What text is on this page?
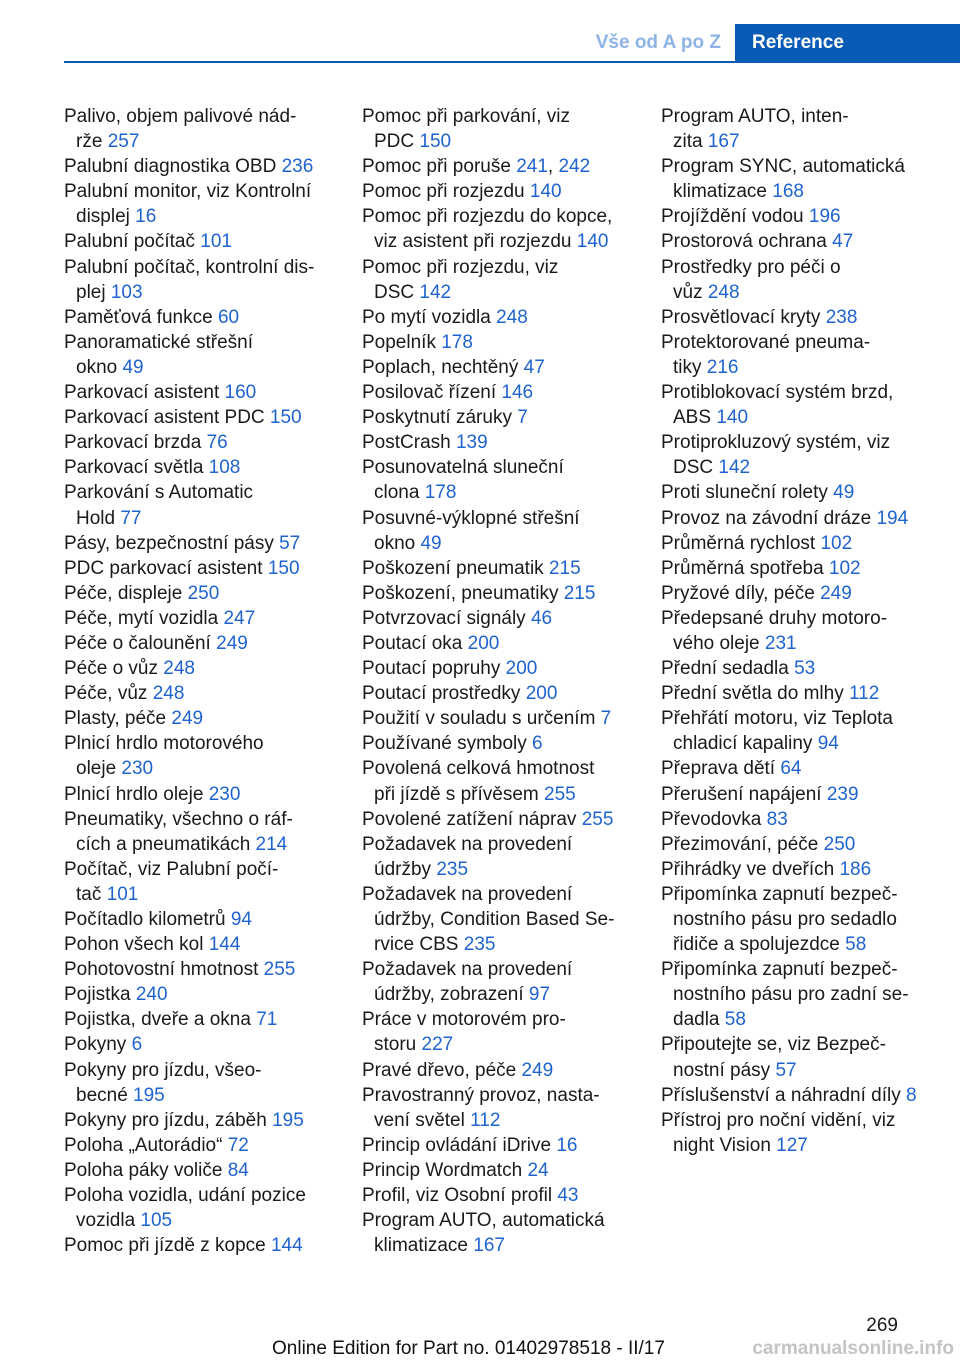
Vše od A po Z	Reference
Palivo, objem palivové nád-
rže 257
Palubní diagnostika OBD 236
Palubní monitor, viz Kontrolní
displej 16
Palubní počítač 101
Palubní počítač, kontrolní dis-
plej 103
Paměťová funkce 60
Panoramatické střešní
okno 49
Parkovací asistent 160
Parkovací asistent PDC 150
Parkovací brzda 76
Parkovací světla 108
Parkování s Automatic
Hold 77
Pásy, bezpečnostní pásy 57
PDC parkovací asistent 150
Péče, displeje 250
Péče, mytí vozidla 247
Péče o čalounění 249
Péče o vůz 248
Péče, vůz 248
Plasty, péče 249
Plnicí hrdlo motorového
oleje 230
Plnicí hrdlo oleje 230
Pneumatiky, všechno o ráf-
cích a pneumatikách 214
Počítač, viz Palubní počí-
tač 101
Počítadlo kilometrů 94
Pohon všech kol 144
Pohotovostní hmotnost 255
Pojistka 240
Pojistka, dveře a okna 71
Pokyny 6
Pokyny pro jízdu, všeo-
becné 195
Pokyny pro jízdu, záběh 195
Poloha „Autorádio“ 72
Poloha páky voliče 84
Poloha vozidla, udání pozice
vozidla 105
Pomoc při jízdě z kopce 144
Pomoc při parkování, viz
PDC 150
Pomoc při poruše 241, 242
Pomoc při rozjezdu 140
Pomoc při rozjezdu do kopce,
viz asistent při rozjezdu 140
Pomoc při rozjezdu, viz
DSC 142
Po mytí vozidla 248
Popelník 178
Poplach, nechtěný 47
Posilovač řízení 146
Poskytnutí záruky 7
PostCrash 139
Posunovatelná sluneční
clona 178
Posuvné-výklopné střešní
okno 49
Poškození pneumatik 215
Poškození, pneumatiky 215
Potvrzovací signály 46
Poutací oka 200
Poutací popruhy 200
Poutací prostředky 200
Použití v souladu s určením 7
Používané symboly 6
Povolená celková hmotnost
při jízdě s přívěsem 255
Povolené zatížení náprav 255
Požadavek na provedení
údržby 235
Požadavek na provedení
údržby, Condition Based Se-
rvice CBS 235
Požadavek na provedení
údržby, zobrazení 97
Práce v motorovém pro-
storu 227
Pravé dřevo, péče 249
Pravostranný provoz, nasta-
vení světel 112
Princip ovládání iDrive 16
Princip Wordmatch 24
Profil, viz Osobní profil 43
Program AUTO, automatická
klimatizace 167
Program AUTO, inten-
zita 167
Program SYNC, automatická
klimatizace 168
Projíždění vodou 196
Prostorová ochrana 47
Prostředky pro péči o
vůz 248
Prosvětlovací kryty 238
Protektorované pneuma-
tiky 216
Protiblokovací systém brzd,
ABS 140
Protiprokluzový systém, viz
DSC 142
Proti sluneční rolety 49
Provoz na závodní dráze 194
Průměrná rychlost 102
Průměrná spotřeba 102
Pryžové díly, péče 249
Předepsané druhy motoro-
vého oleje 231
Přední sedadla 53
Přední světla do mlhy 112
Přehřátí motoru, viz Teplota
chladicí kapaliny 94
Přeprava dětí 64
Přerušení napájení 239
Převodovka 83
Přezimování, péče 250
Přihrádky ve dveřích 186
Připomínka zapnutí bezpeč-
nostního pásu pro sedadlo
řidiče a spolujezdce 58
Připomínka zapnutí bezpeč-
nostního pásu pro zadní se-
dadla 58
Připoutejte se, viz Bezpeč-
nostní pásy 57
Příslušenství a náhradní díly 8
Přístroj pro noční vidění, viz
night Vision 127
269
Online Edition for Part no. 01402978518 - II/17	carmanualsonline.info
